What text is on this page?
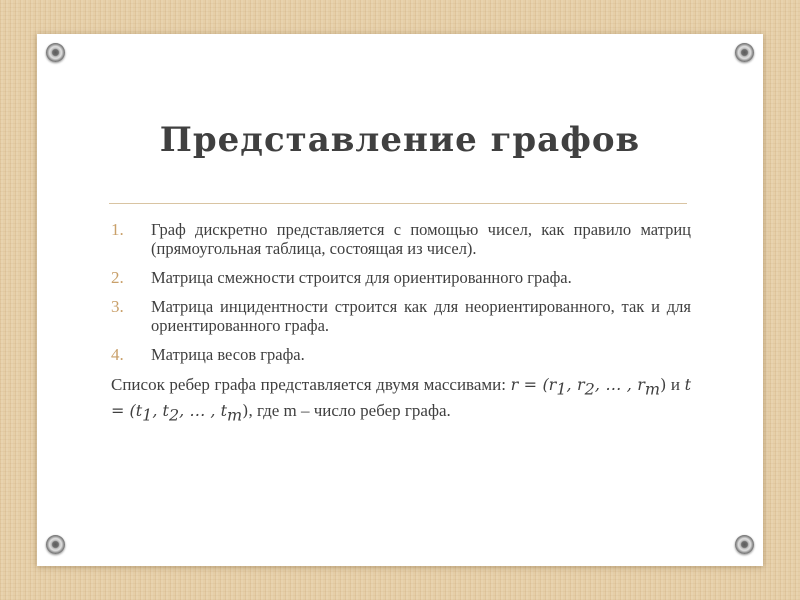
Представление графов
1.	Граф дискретно представляется с помощью чисел, как правило матриц (прямоугольная таблица, состоящая из чисел).
2.	Матрица смежности строится для ориентированного графа.
3.	Матрица инцидентности строится как для неориентированного, так и для ориентированного графа.
4.	Матрица весов графа.
Список ребер графа представляется двумя массивами: $r = (r_1$, $r_2$, … , $r_m$) и $t = (t_1$, $t_2$, … , $t_m$), где m – число ребер графа.
